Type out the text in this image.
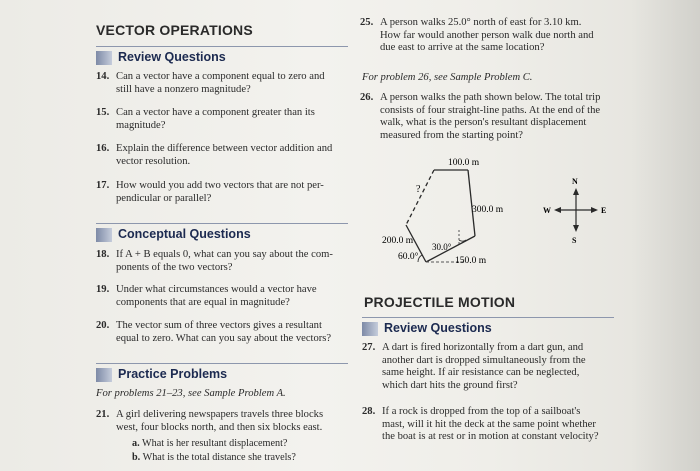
VECTOR OPERATIONS
Review Questions
14. Can a vector have a component equal to zero and
still have a nonzero magnitude?
15. Can a vector have a component greater than its
magnitude?
16. Explain the difference between vector addition and
vector resolution.
17. How would you add two vectors that are not per-
pendicular or parallel?
Conceptual Questions
18. If A + B equals 0, what can you say about the com-
ponents of the two vectors?
19. Under what circumstances would a vector have
components that are equal in magnitude?
20. The vector sum of three vectors gives a resultant
equal to zero. What can you say about the vectors?
Practice Problems
For problems 21–23, see Sample Problem A.
21. A girl delivering newspapers travels three blocks
west, four blocks north, and then six blocks east.
a. What is her resultant displacement?
b. What is the total distance she travels?
25. A person walks 25.0° north of east for 3.10 km.
How far would another person walk due north and
due east to arrive at the same location?
For problem 26, see Sample Problem C.
26. A person walks the path shown below. The total trip
consists of four straight-line paths. At the end of the
walk, what is the person's resultant displacement
measured from the starting point?
100.0 m
300.0 m
200.0 m
150.0 m
60.0°
30.0°
?
N
S
E
W
PROJECTILE MOTION
Review Questions
27. A dart is fired horizontally from a dart gun, and
another dart is dropped simultaneously from the
same height. If air resistance can be neglected,
which dart hits the ground first?
28. If a rock is dropped from the top of a sailboat's
mast, will it hit the deck at the same point whether
the boat is at rest or in motion at constant velocity?
